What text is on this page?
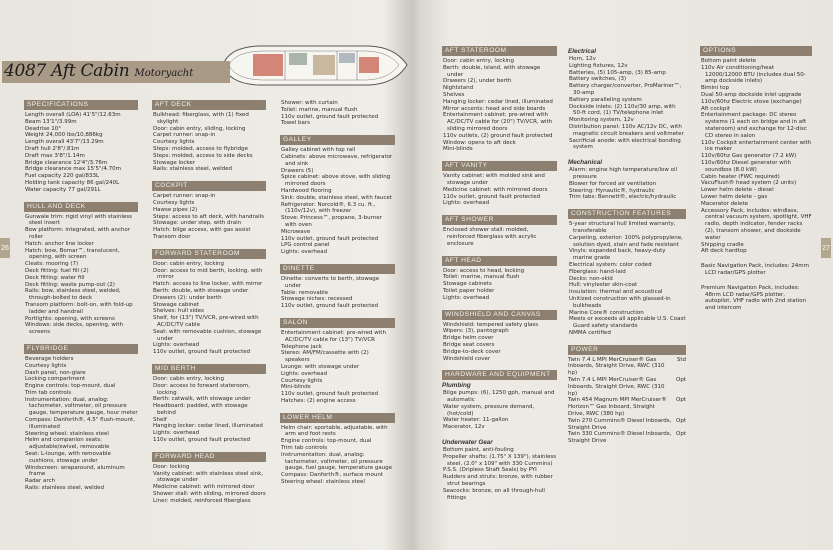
4087 Aft Cabin Motoryacht
26
SPECIFICATIONS
Length overall (LOA) 41'5"/12.63m
Beam 13'1"/3.99m
Deadrise 10°
Weight 24,000 lbs/10,886kg
Length overall 43'7"/13.29m
Draft hull 2'8"/.81m
Draft max 3'8"/1.14m
Bridge clearance 12'4"/3.76m
Bridge clearance max 15'5"/4.70m
Fuel capacity 220 gal/833L
Holding tank capacity 86 gal/240L
Water capacity 77 gal/291L
HULL AND DECK
Gunwale trim: rigid vinyl with stainless steel insert
Bow platform: integrated, with anchor roller
Hatch: anchor line locker
Hatch: bow, Bomar™, translucent, opening, with screen
Cleats: mooring (7)
Deck fitting: fuel fill (2)
Deck fitting: water fill
Deck fitting: waste pump-out (2)
Rails: bow, stainless steel, welded, through-bolted to deck
Transom platform: bolt-on, with fold-up ladder and handrail
Portlights: opening, with screens
Windows: side decks, opening, with screens
FLYBRIDGE
Beverage holders
Courtesy lights
Dash panel, non-glare
Locking compartment
Engine controls: top-mount, dual
Trim tab controls
Instrumentation: dual, analog: tachometer, voltmeter, oil pressure gauge, temperature gauge, hour meter
Compass: Danforth®, 4.5" flush-mount, illuminated
Steering wheel: stainless steel
Helm and companion seats: adjustable/swivel, removable
Seat: L-lounge, with removable cushions, stowage under
Windscreen: wraparound, aluminum frame
Radar arch
Rails: stainless steel, welded
AFT DECK
Bulkhead: fiberglass, with (1) fixed skylight
Door: cabin entry, sliding, locking
Carpet runner: snap-in
Courtesy lights
Steps: molded, access to flybridge
Steps: molded, access to side decks
Stowage locker
Rails: stainless steel, welded
COCKPIT
Carpet runner: snap-in
Courtesy lights
Hawse pipes (2)
Steps: access to aft deck, with handrails
Stowage: under step, with drain
Hatch: bilge access, with gas assist
Transom door
FORWARD STATEROOM
Door: cabin entry, locking
Door: access to mid berth, locking, with mirror
Hatch: access to line locker, with mirror
Berth: double, with stowage under
Drawers (2): under berth
Stowage cabinet
Shelves: hull sides
Shelf, for (13") TV/VCR, pre-wired with AC/DC/TV cable
Seat: with removable cushion, stowage under
Lights: overhead
110v outlet, ground fault protected
MID BERTH
Door: cabin entry, locking
Door: access to forward stateroom, locking
Berth: catwalk, with stowage under
Headboard: padded, with stowage behind
Shelf
Hanging locker: cedar lined, illuminated
Lights: overhead
110v outlet, ground fault protected
FORWARD HEAD
Door: locking
Vanity cabinet: with stainless steel sink, stowage under
Medicine cabinet: with mirrored door
Shower stall: with sliding, mirrored doors
Liner: molded, reinforced fiberglass
Shower: with curtain
Toilet: marine, manual flush
110v outlet, ground fault protected
Towel bars
GALLEY
Galley cabinet with top rail
Cabinets: above microwave, refrigerator and sink
Drawers (5)
Spice cabinet: above stove, with sliding mirrored doors
Hardwood flooring
Sink: double, stainless steel, with faucet
Refrigerator: Norcold®, 6.3 cu. ft., (110v/12v), with freezer
Stove: Princess™, propane, 3-burner with oven
Microwave
110v outlet, ground fault protected
LPG control panel
Lights: overhead
DINETTE
Dinette: converts to berth, stowage under
Table: removable
Stowage niches: recessed
110v outlet, ground fault protected
SALON
Entertainment cabinet: pre-wired with AC/DC/TV cable for (13") TV/VCR
Telephone jack
Stereo: AM/FM/cassette with (2) speakers
Lounge: with stowage under
Lights: overhead
Courtesy lights
Mini-blinds
110v outlet, ground fault protected
Hatches: (2) engine access
LOWER HELM
Helm chair: sportable, adjustable, with arm and foot rests
Engine controls: top-mount, dual
Trim tab controls
Instrumentation: dual, analog: tachometer, voltmeter, oil pressure gauge, fuel gauge, temperature gauge
Compass: Danforth®, surface mount
Steering wheel: stainless steel
27
AFT STATEROOM
Door: cabin entry, locking
Berth: double, island, with stowage under
Drawers (2), under berth
Nightstand
Shelves
Hanging locker: cedar lined, illuminated
Mirror accents: head and side boards
Entertainment cabinet: pre-wired with AC/DC/TV cable for (20") TV/VCR, with sliding mirrored doors
110v outlets, (2) ground fault protected
Window: opens to aft deck
Mini-blinds
AFT VANITY
Vanity cabinet: with molded sink and stowage under
Medicine cabinet: with mirrored doors
110v outlet, ground fault protected
Lights: overhead
AFT SHOWER
Enclosed shower stall: molded, reinforced fiberglass with acrylic enclosure
AFT HEAD
Door: access to head, locking
Toilet: marine, manual flush
Stowage cabinets
Toilet paper holder
Lights: overhead
WINDSHIELD AND CANVAS
Windshield: tempered safety glass
Wipers: (3), pantograph
Bridge helm cover
Bridge seat covers
Bridge-to-deck cover
Windshield cover
HARDWARE AND EQUIPMENT
Plumbing
Bilge pumps: (6), 1250 gph, manual and automatic
Water system, pressure demand, (hot/cold)
Water heater: 11-gallon
Macerator, 12v
Underwater Gear
Bottom paint, anti-fouling
Propeller shafts: (1.75" X 139"), stainless steel, (2.0" x 109" with 330 Cummins)
P.S.S. (Dripless Shaft Seals) by PYI
Rudders and struts: bronze, with rubber strut bearings
Seacocks: bronze, on all through-hull fittings
Electrical
Horn, 12v
Lighting fixtures, 12v
Batteries, (5) 105-amp, (3) 85-amp
Battery switches, (3)
Battery charger/converter, ProMariner™, 30-amp
Battery paralleling system
Dockside inlets: (2) 110v/30 amp, with 50-ft cord, (1) TV/telephone inlet
Monitoring system, 12v
Distribution panel: 110v AC/12v DC, with magnetic circuit breakers and voltmeter
Sacrificial anode: with electrical bonding system
Mechanical
Alarm: engine high temperature/low oil pressure
Blower for forced air ventilation
Steering: Hynautic®, hydraulic
Trim tabs: Bennett®, electric/hydraulic
CONSTRUCTION FEATURES
5-year structural hull limited warranty, transferable
Carpeting, exterior: 100% polypropylene, solution dyed, stain and fade resistant
Vinyls: expanded back, heavy-duty marine grade
Electrical system: color coded
Fiberglass: hand-laid
Decks: non-skid
Hull: vinylester skin-coat
Insulation: thermal and acoustical
Unitized construction with glassed-in bulkheads
Marine Core® construction
Meets or exceeds all applicable U.S. Coast Guard safety standards
NMMA certified
POWER
Twin 7.4 L MPI MerCruiser® Gas Inboards, Straight Drive, RWC (310 hp)
Std
Twin 7.4 L MPI MerCruiser® Gas Inboards, Straight Drive, RWC (310 hp)
Opt
Twin 454 Magnum MPI MerCruiser® Horizon™ Gas Inboard, Straight Drive, RWC (380 hp)
Opt
Twin 270 Cummins® Diesel Inboards, Straight Drive
Opt
Twin 330 Cummins® Diesel Inboards, Straight Drive
Opt
OPTIONS
Bottom paint delete
110v Air conditioning/heat 12000/12000 BTU (includes dual 50-amp dockside inlets)
Bimini top
Dual 50-amp dockside inlet upgrade
110v/60hz Electric stove (exchange)
Aft cockpit
Entertainment package: DC stereo systems (1 each on bridge and in aft stateroom) and exchange for 12-disc CD stereo in salon
110v Cockpit entertainment center with ice maker
110v/60hz Gas generator (7.2 kW)
110v/60hz Diesel generator with soundbox (8.0 kW)
Cabin heater (FWC required)
VacuFlush® head system (2 units)
Lower helm delete - diesel
Lower helm delete - gas
Macerator delete
Accessory Pack, includes: windlass, central vacuum system, spotlight, VHF radio, depth indicator, fender racks (2), transom shower, and dockside water
Shipping cradle
Aft deck hardtop
Basic Navigation Pack, includes: 24mm LCD radar/GPS plotter
Premium Navigation Pack, includes: 48nm LCD radar/GPS plotter, autopilot, VHF radio with 2nd station and intercom
